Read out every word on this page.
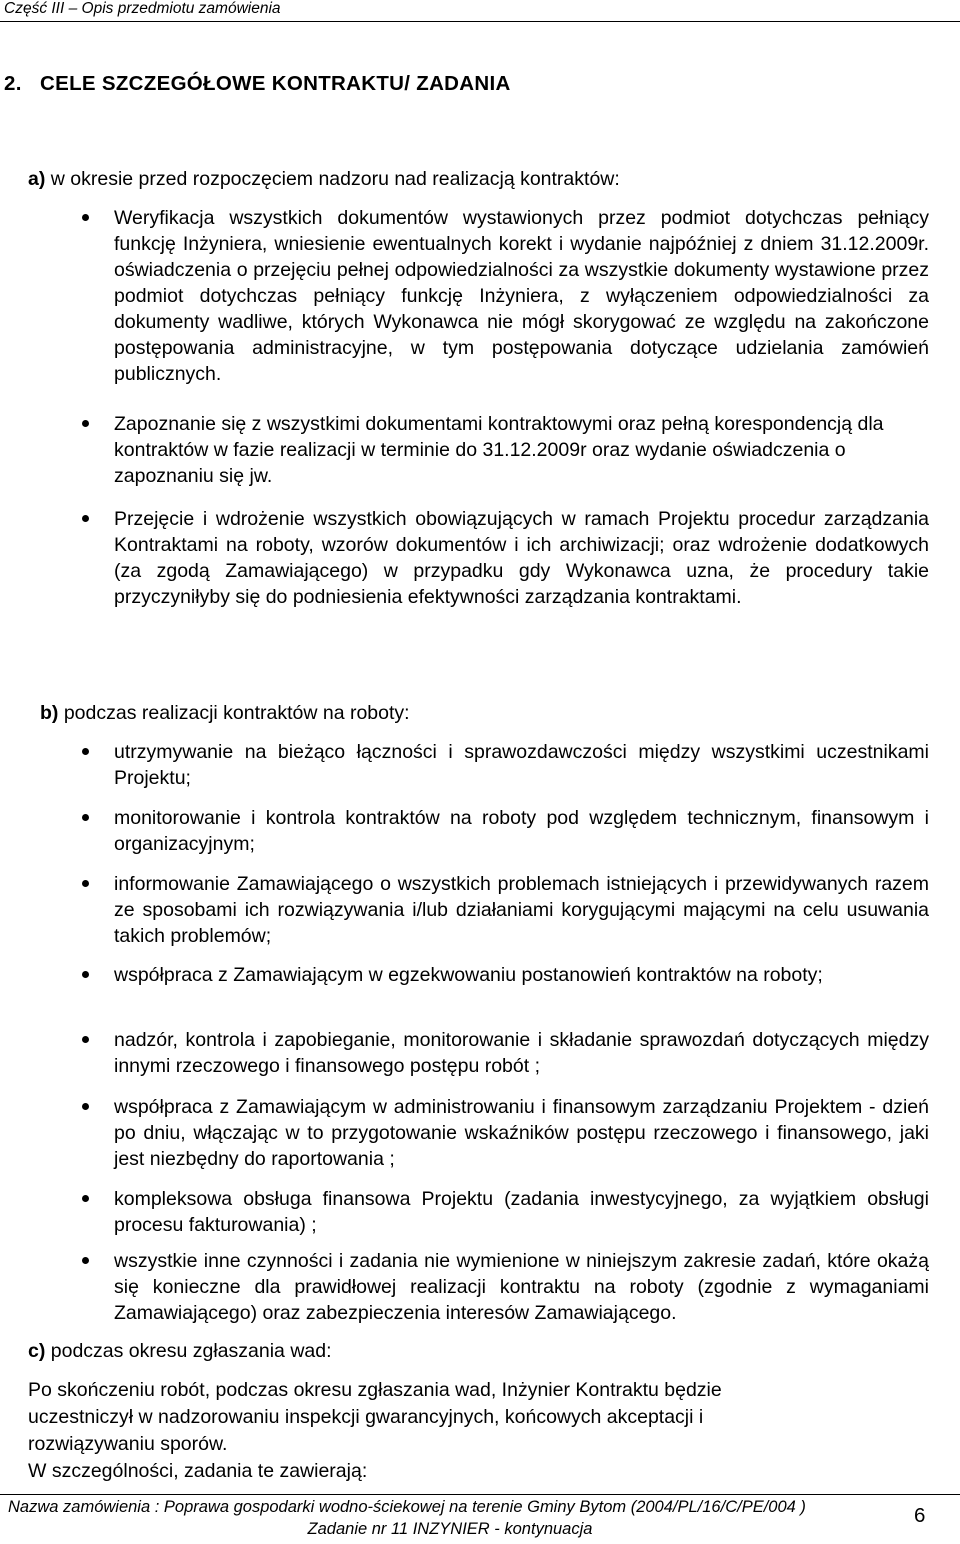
Część III – Opis przedmiotu zamówienia
2. CELE SZCZEGÓŁOWE KONTRAKTU/ ZADANIA
a) w okresie przed rozpoczęciem nadzoru nad realizacją kontraktów:
Weryfikacja wszystkich dokumentów wystawionych przez podmiot dotychczas pełniący funkcję Inżyniera, wniesienie ewentualnych korekt i wydanie najpóźniej z dniem 31.12.2009r. oświadczenia o przejęciu pełnej odpowiedzialności za wszystkie dokumenty wystawione przez podmiot dotychczas pełniący funkcję Inżyniera, z wyłączeniem odpowiedzialności za dokumenty wadliwe, których Wykonawca nie mógł skorygować ze względu na zakończone postępowania administracyjne, w tym postępowania dotyczące udzielania zamówień publicznych.
Zapoznanie się z wszystkimi dokumentami kontraktowymi oraz pełną korespondencją dla kontraktów w fazie realizacji w terminie do 31.12.2009r oraz wydanie oświadczenia o zapoznaniu się jw.
Przejęcie i wdrożenie wszystkich obowiązujących w ramach Projektu procedur zarządzania Kontraktami na roboty, wzorów dokumentów i ich archiwizacji; oraz wdrożenie dodatkowych (za zgodą Zamawiającego) w przypadku gdy Wykonawca uzna, że procedury takie przyczyniłyby się do podniesienia efektywności zarządzania kontraktami.
b) podczas realizacji kontraktów na roboty:
utrzymywanie na bieżąco łączności i sprawozdawczości między wszystkimi uczestnikami Projektu;
monitorowanie i kontrola kontraktów na roboty pod względem technicznym, finansowym i organizacyjnym;
informowanie Zamawiającego o wszystkich problemach istniejących i przewidywanych razem ze sposobami ich rozwiązywania i/lub działaniami korygującymi mającymi na celu usuwania takich problemów;
współpraca z Zamawiającym w egzekwowaniu postanowień kontraktów na roboty;
nadzór, kontrola i zapobieganie, monitorowanie i składanie sprawozdań dotyczących między innymi rzeczowego i finansowego postępu robót ;
współpraca z Zamawiającym w administrowaniu i finansowym zarządzaniu Projektem - dzień po dniu, włączając w to przygotowanie wskaźników postępu rzeczowego i finansowego, jaki jest niezbędny do raportowania ;
kompleksowa obsługa finansowa Projektu (zadania inwestycyjnego, za wyjątkiem obsługi procesu fakturowania) ;
wszystkie inne czynności i zadania nie wymienione w niniejszym zakresie zadań, które okażą się konieczne dla prawidłowej realizacji kontraktu na roboty (zgodnie z wymaganiami Zamawiającego) oraz zabezpieczenia interesów Zamawiającego.
c) podczas okresu zgłaszania wad:
Po skończeniu robót, podczas okresu zgłaszania wad, Inżynier Kontraktu będzie
uczestniczył w nadzorowaniu inspekcji gwarancyjnych, końcowych akceptacji i
rozwiązywaniu sporów.
W szczególności, zadania te zawierają:
Nazwa zamówienia : Poprawa gospodarki wodno-ściekowej na terenie Gminy Bytom (2004/PL/16/C/PE/004 )
Zadanie nr 11 INZYNIER - kontynuacja
6
